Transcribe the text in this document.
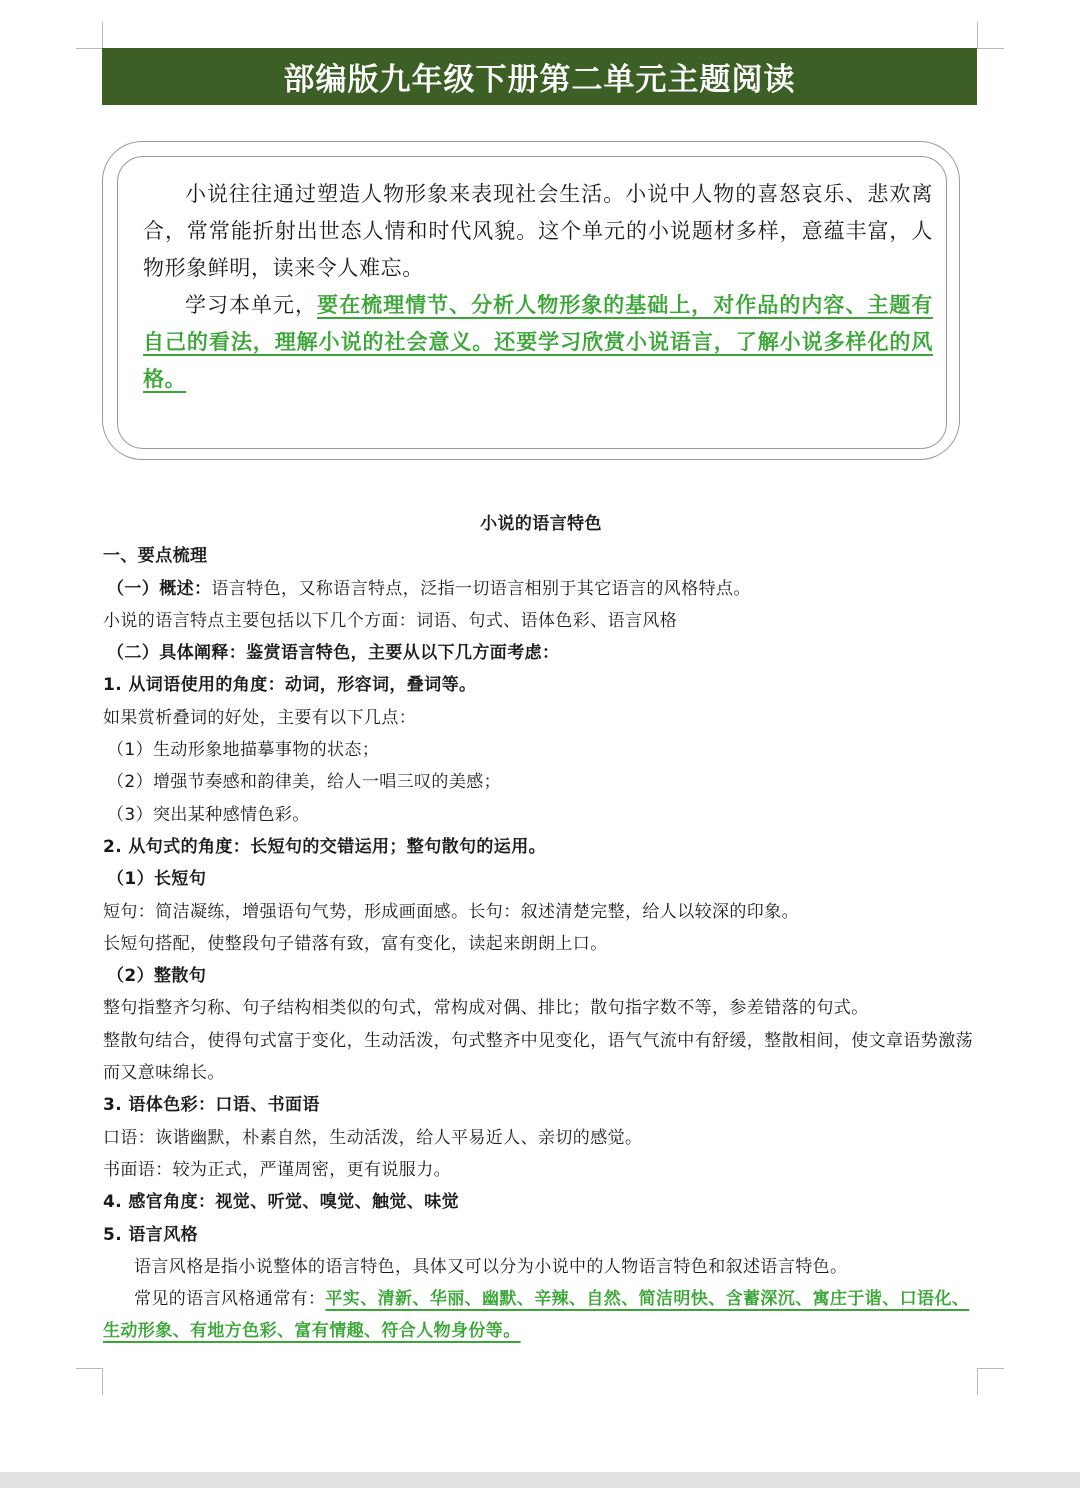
部编版九年级下册第二单元主题阅读

小说往往通过塑造人物形象来表现社会生活。小说中人物的喜怒哀乐、悲欢离合，常常能折射出世态人情和时代风貌。这个单元的小说题材多样，意蕴丰富，人物形象鲜明，读来令人难忘。

学习本单元，要在梳理情节、分析人物形象的基础上，对作品的内容、主题有自己的看法，理解小说的社会意义。还要学习欣赏小说语言，了解小说多样化的风格。

小说的语言特色
一、要点梳理
（一）概述：语言特色，又称语言特点，泛指一切语言相别于其它语言的风格特点。
小说的语言特点主要包括以下几个方面：词语、句式、语体色彩、语言风格
（二）具体阐释：鉴赏语言特色，主要从以下几方面考虑：
1. 从词语使用的角度：动词，形容词，叠词等。
如果赏析叠词的好处，主要有以下几点：
（1）生动形象地描摹事物的状态；
（2）增强节奏感和韵律美，给人一唱三叹的美感；
（3）突出某种感情色彩。
2. 从句式的角度：长短句的交错运用；整句散句的运用。
（1）长短句
短句：简洁凝练，增强语句气势，形成画面感。长句：叙述清楚完整，给人以较深的印象。
长短句搭配，使整段句子错落有致，富有变化，读起来朗朗上口。
（2）整散句
整句指整齐匀称、句子结构相类似的句式，常构成对偶、排比；散句指字数不等，参差错落的句式。
整散句结合，使得句式富于变化，生动活泼，句式整齐中见变化，语气气流中有舒缓，整散相间，使文章语势激荡而又意味绵长。
3. 语体色彩：口语、书面语
口语：诙谐幽默，朴素自然，生动活泼，给人平易近人、亲切的感觉。
书面语：较为正式，严谨周密，更有说服力。
4. 感官角度：视觉、听觉、嗅觉、触觉、味觉
5. 语言风格
语言风格是指小说整体的语言特色，具体又可以分为小说中的人物语言特色和叙述语言特色。
常见的语言风格通常有：平实、清新、华丽、幽默、辛辣、自然、简洁明快、含蓄深沉、寓庄于谐、口语化、生动形象、有地方色彩、富有情趣、符合人物身份等。
